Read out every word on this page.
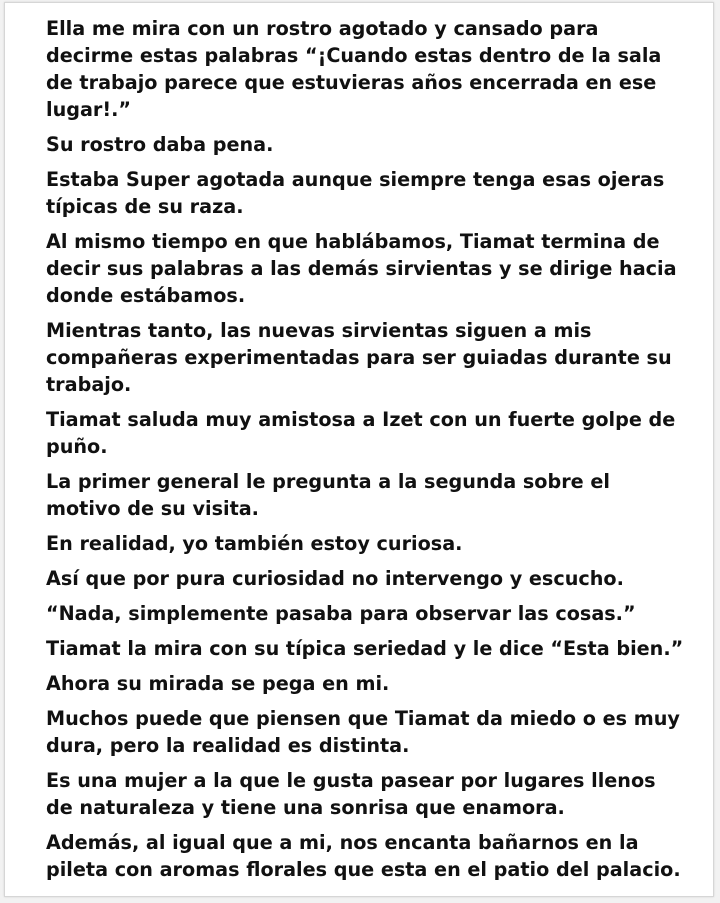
Ella me mira con un rostro agotado y cansado para decirme estas palabras “¡Cuando estas dentro de la sala de trabajo parece que estuvieras años encerrada en ese lugar!.”

Su rostro daba pena.

Estaba Super agotada aunque siempre tenga esas ojeras típicas de su raza.

Al mismo tiempo en que hablábamos, Tiamat termina de decir sus palabras a las demás sirvientas y se dirige hacia donde estábamos.

Mientras tanto, las nuevas sirvientas siguen a mis compañeras experimentadas para ser guiadas durante su trabajo.

Tiamat saluda muy amistosa a Izet con un fuerte golpe de puño.

La primer general le pregunta a la segunda sobre el motivo de su visita.

En realidad, yo también estoy curiosa.

Así que por pura curiosidad no intervengo y escucho.

“Nada, simplemente pasaba para observar las cosas.”

Tiamat la mira con su típica seriedad y le dice “Esta bien.”

Ahora su mirada se pega en mi.

Muchos puede que piensen que Tiamat da miedo o es muy dura, pero la realidad es distinta.

Es una mujer a la que le gusta pasear por lugares llenos de naturaleza y tiene una sonrisa que enamora.

Además, al igual que a mi, nos encanta bañarnos en la pileta con aromas florales que esta en el patio del palacio.
